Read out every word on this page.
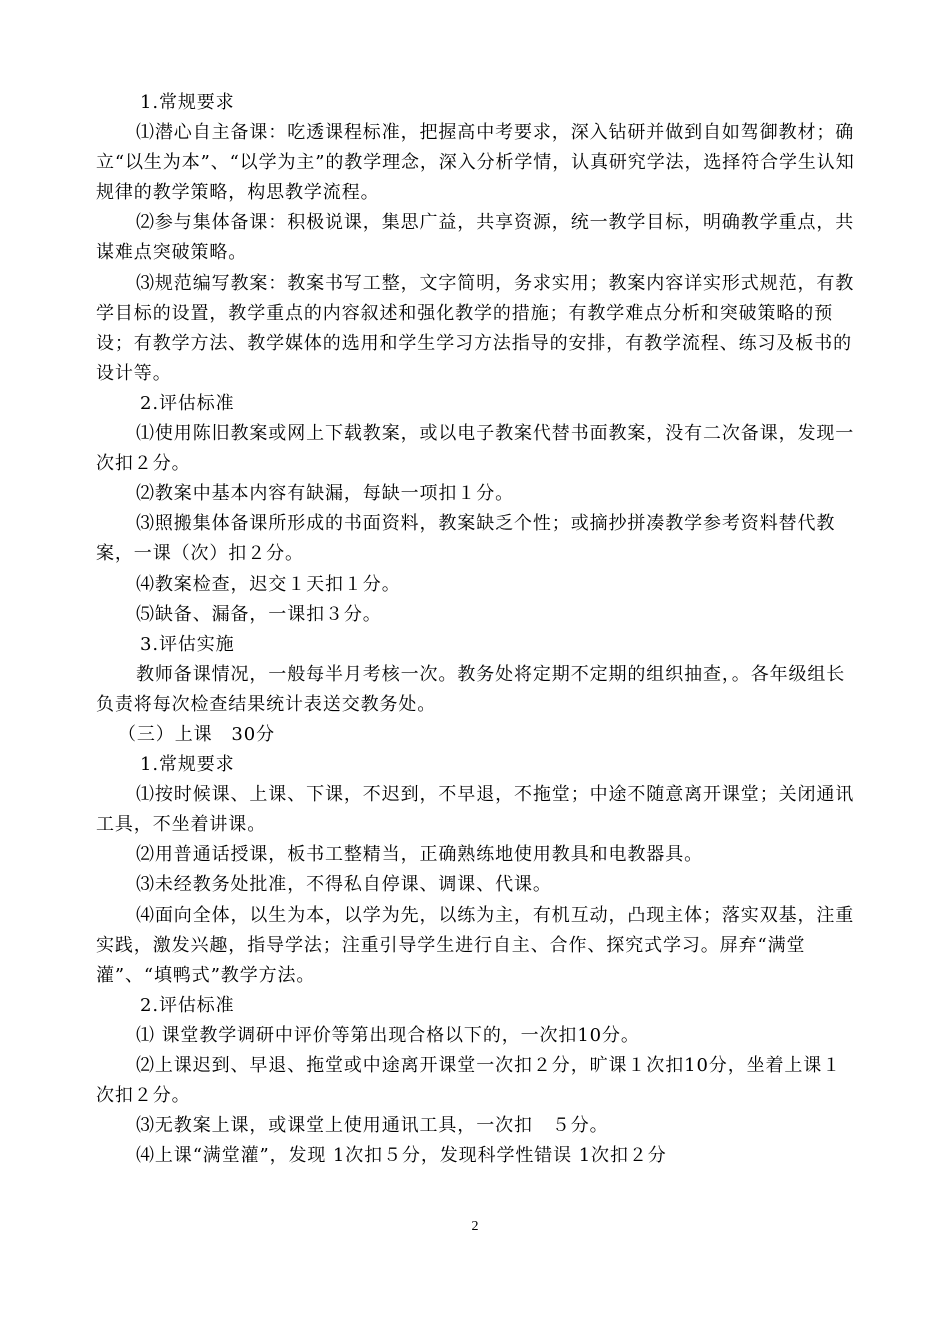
1.常规要求

⑴潜心自主备课：吃透课程标准，把握高中考要求，深入钻研并做到自如驾御教材；确立“以生为本”、“以学为主”的教学理念，深入分析学情，认真研究学法，选择符合学生认知规律的教学策略，构思教学流程。

⑵参与集体备课：积极说课，集思广益，共享资源，统一教学目标，明确教学重点，共谋难点突破策略。

⑶规范编写教案：教案书写工整，文字简明，务求实用；教案内容详实形式规范，有教学目标的设置，教学重点的内容叙述和强化教学的措施；有教学难点分析和突破策略的预设；有教学方法、教学媒体的选用和学生学习方法指导的安排，有教学流程、练习及板书的设计等。

2.评估标准

⑴使用陈旧教案或网上下载教案，或以电子教案代替书面教案，没有二次备课，发现一次扣２分。

⑵教案中基本内容有缺漏，每缺一项扣１分。

⑶照搬集体备课所形成的书面资料，教案缺乏个性；或摘抄拼凑教学参考资料替代教案，一课（次）扣２分。

⑷教案检查，迟交１天扣１分。

⑸缺备、漏备，一课扣３分。

3.评估实施

教师备课情况，一般每半月考核一次。教务处将定期不定期的组织抽查，。各年级组长负责将每次检查结果统计表送交教务处。

（三）上课　30分

1.常规要求

⑴按时候课、上课、下课，不迟到，不早退，不拖堂；中途不随意离开课堂；关闭通讯工具，不坐着讲课。

⑵用普通话授课，板书工整精当，正确熟练地使用教具和电教器具。

⑶未经教务处批准，不得私自停课、调课、代课。

⑷面向全体，以生为本，以学为先，以练为主，有机互动，凸现主体；落实双基，注重实践，激发兴趣，指导学法；注重引导学生进行自主、合作、探究式学习。屏弃“满堂灌”、“填鸭式”教学方法。

2.评估标准

⑴ 课堂教学调研中评价等第出现合格以下的，一次扣10分。

⑵上课迟到、早退、拖堂或中途离开课堂一次扣２分，旷课１次扣10分，坐着上课１次扣２分。

⑶无教案上课，或课堂上使用通讯工具，一次扣　５分。

⑷上课“满堂灌”，发现 1次扣５分，发现科学性错误 1次扣２分

2
